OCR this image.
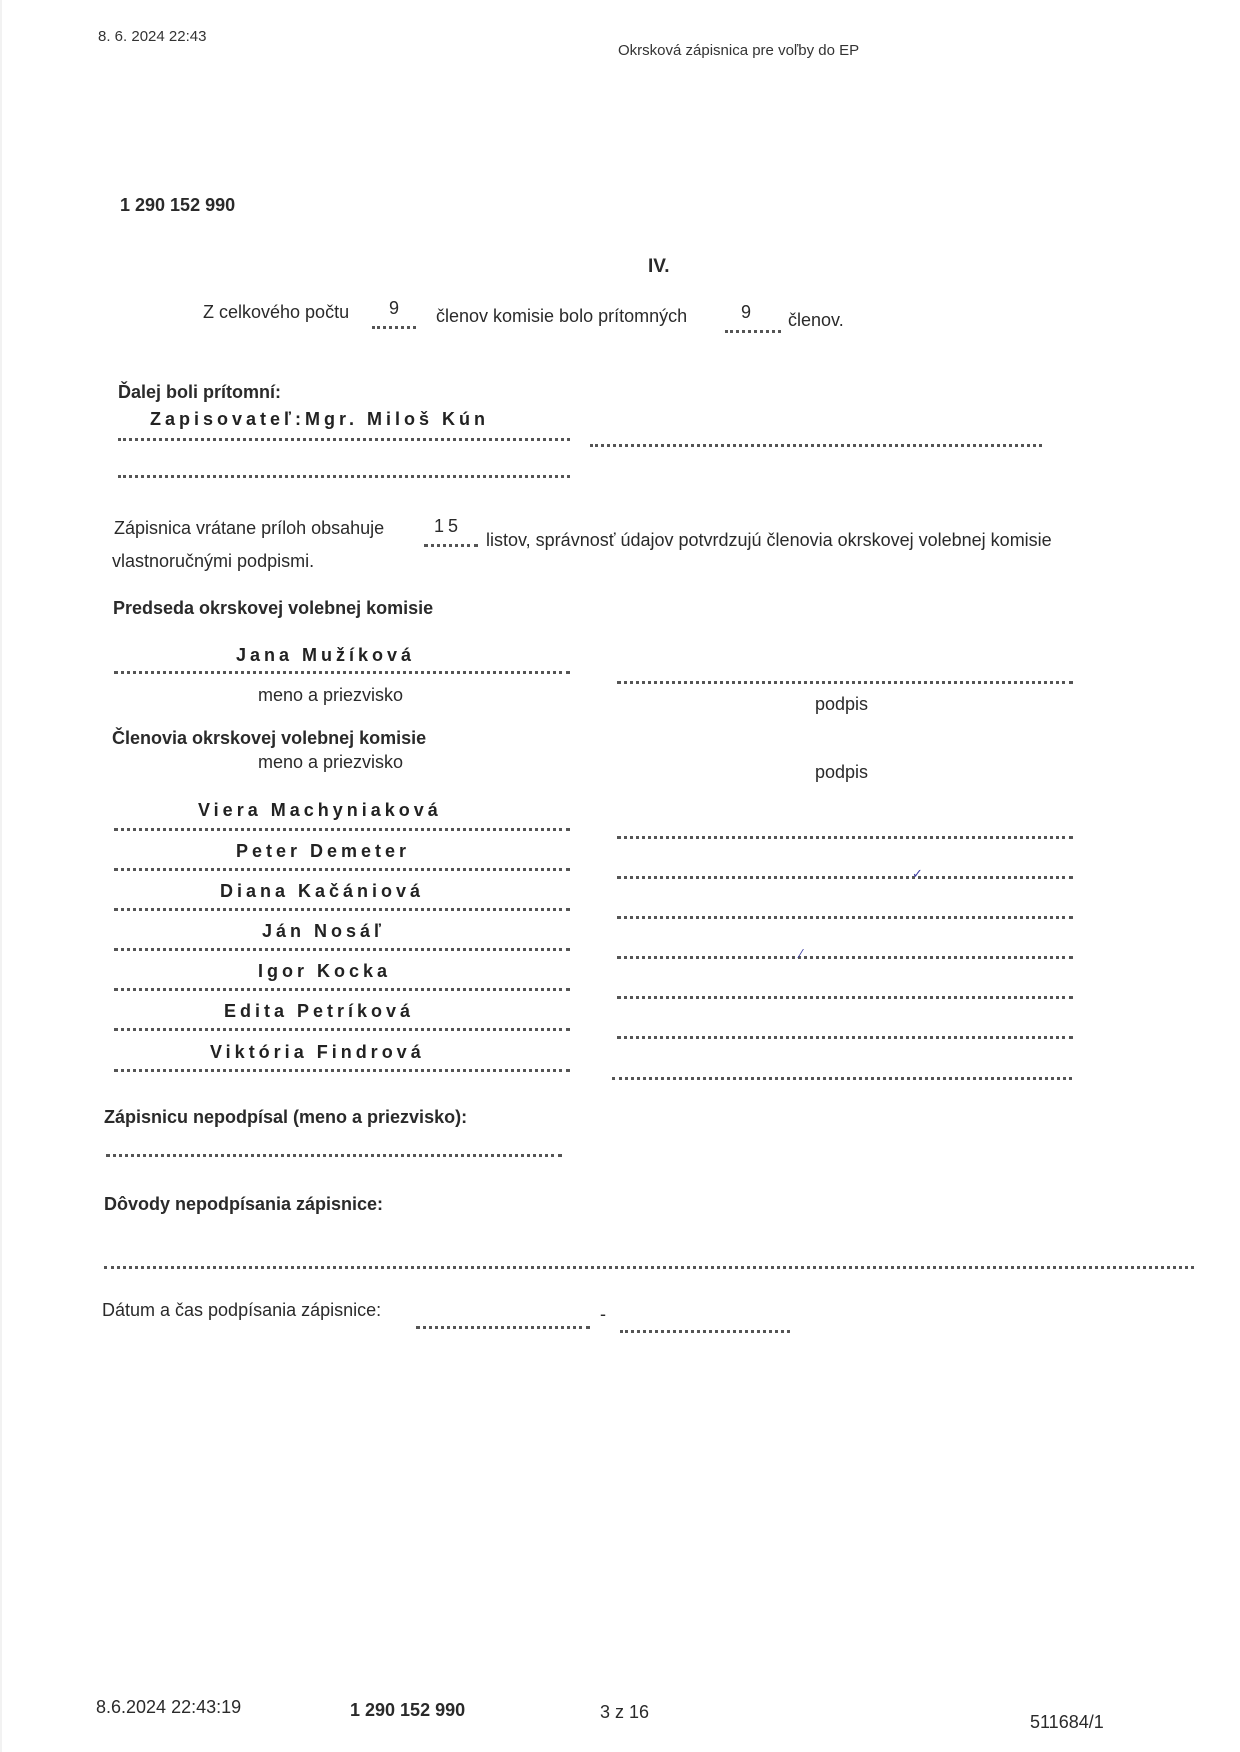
8. 6. 2024 22:43
Okrsková zápisnica pre voľby do EP
1 290 152 990
IV.
Z celkového počtu 9 členov komisie bolo prítomných	9 členov.
Ďalej boli prítomní:
Zapisovateľ:Mgr. Miloš Kún
Zápisnica vrátane príloh obsahuje	15
listov, správnosť údajov potvrdzujú členovia okrskovej volebnej komisie
vlastnoručnými podpismi.
Predseda okrskovej volebnej komisie
Jana Mužíková
meno a priezvisko	podpis
Členovia okrskovej volebnej komisie
meno a priezvisko	podpis
Viera Machyniaková
Peter Demeter
✓
Diana Kačániová
Ján Nosáľ
⁄
Igor Kocka
Edita Petríková
Viktória Findrová
Zápisnicu nepodpísal (meno a priezvisko):
Dôvody nepodpísania zápisnice:
Dátum a čas podpísania zápisnice:	-
8.6.2024 22:43:19	1 290 152 990	3 z 16	511684/1
